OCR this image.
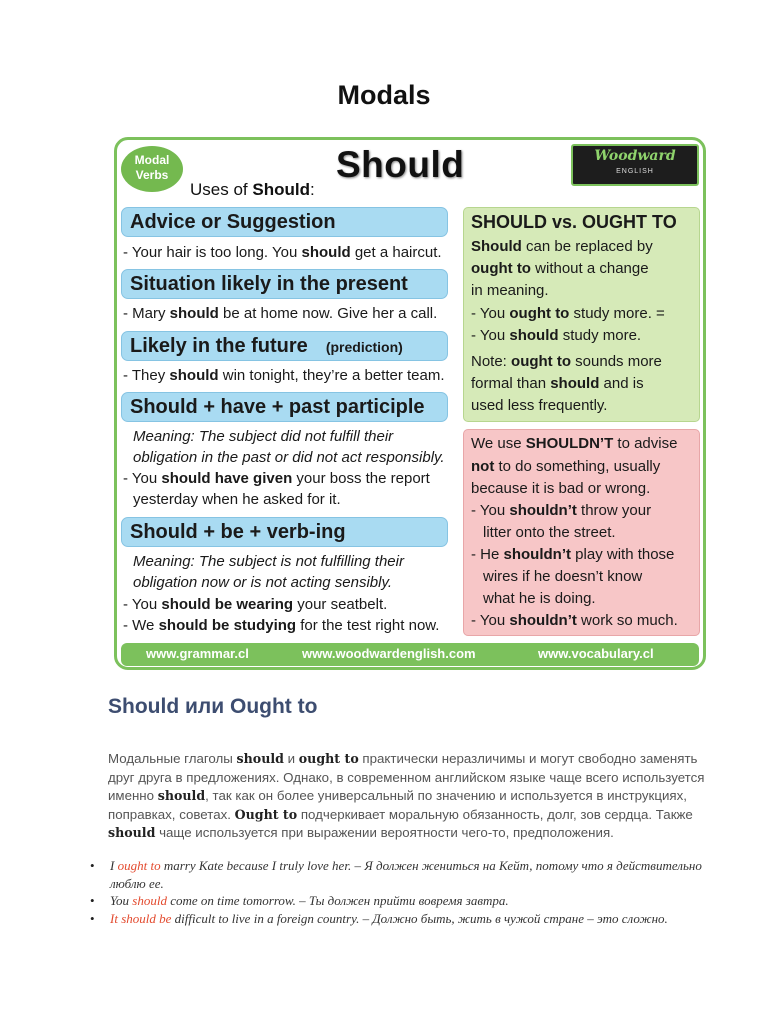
Modals
Modal Verbs
Uses of Should:
Should	Woodward
ENGLISH
Advice or Suggestion
- Your hair is too long. You should get a haircut.
Situation likely in the present
- Mary should be at home now. Give her a call.
Likely in the future (prediction)
- They should win tonight, they’re a better team.
Should + have + past participle
Meaning: The subject did not fulfill their
obligation in the past or did not act responsibly.
- You should have given your boss the report
yesterday when he asked for it.
Should + be + verb-ing
Meaning: The subject is not fulfilling their
obligation now or is not acting sensibly.
- You should be wearing your seatbelt.
- We should be studying for the test right now.
SHOULD vs. OUGHT TO
Should can be replaced by
ought to without a change
in meaning.
- You ought to study more. =
- You should study more.
Note: ought to sounds more
formal than should and is
used less frequently.
We use SHOULDN’T to advise
not to do something, usually
because it is bad or wrong.
- You shouldn’t throw your
litter onto the street.
- He shouldn’t play with those
wires if he doesn’t know
what he is doing.
- You shouldn’t work so much.
www.grammar.cl	www.woodwardenglish.com	www.vocabulary.cl
Should или Ought to
Модальные глаголы should и ought to практически неразличимы и могут свободно заменять друг друга в предложениях. Однако, в современном английском языке чаще всего используется именно should, так как он более универсальный по значению и используется в инструкциях, поправках, советах. Ought to подчеркивает моральную обязанность, долг, зов сердца. Также should чаще используется при выражении вероятности чего-то, предположения.
• I ought to marry Kate because I truly love her. – Я должен жениться на Кейт, потому что я действительно люблю ее.
• You should come on time tomorrow. – Ты должен прийти вовремя завтра.
• It should be difficult to live in a foreign country. – Должно быть, жить в чужой стране – это сложно.
